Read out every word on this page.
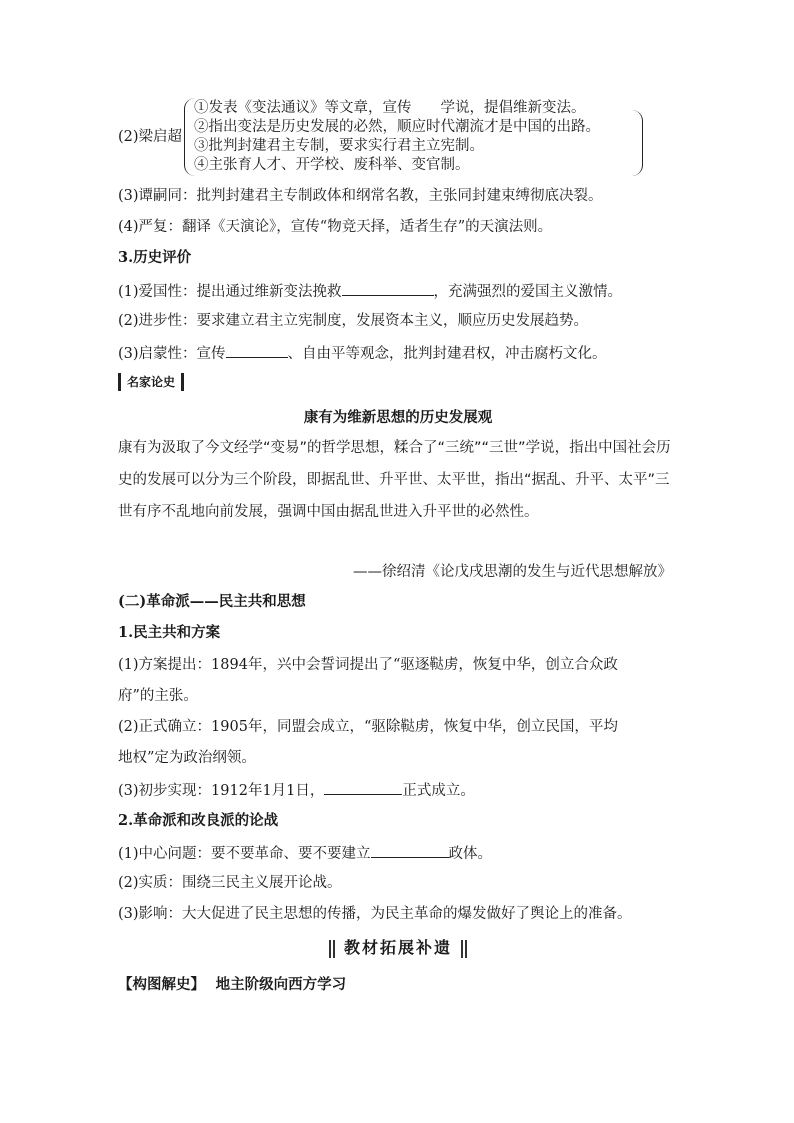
(2)梁启超
①发表《变法通议》等文章，宣传　　学说，提倡维新变法。
②指出变法是历史发展的必然，顺应时代潮流才是中国的出路。
③批判封建君主专制，要求实行君主立宪制。
④主张育人才、开学校、废科举、变官制。
(3)谭嗣同：批判封建君主专制政体和纲常名教，主张同封建束缚彻底决裂。
(4)严复：翻译《天演论》，宣传“物竞天择，适者生存”的天演法则。
3.历史评价
(1)爱国性：提出通过维新变法挽救	，充满强烈的爱国主义激情。
(2)进步性：要求建立君主立宪制度，发展资本主义，顺应历史发展趋势。
(3)启蒙性：宣传	、自由平等观念，批判封建君权，冲击腐朽文化。
名家论史
康有为维新思想的历史发展观
康有为汲取了今文经学“变易”的哲学思想，糅合了“三统”“三世”学说，指出中国社会历史的发展可以分为三个阶段，即据乱世、升平世、太平世，指出“据乱、升平、太平”三世有序不乱地向前发展，强调中国由据乱世进入升平世的必然性。
——徐绍清《论戊戌思潮的发生与近代思想解放》
(二)革命派——民主共和思想
1.民主共和方案
(1)方案提出：1894年，兴中会誓词提出了“驱逐鞑虏，恢复中华，创立合众政
府”的主张。
(2)正式确立：1905年，同盟会成立，“驱除鞑虏，恢复中华，创立民国，平均
地权”定为政治纲领。
(3)初步实现：1912年1月1日，	正式成立。
2.革命派和改良派的论战
(1)中心问题：要不要革命、要不要建立	政体。
(2)实质：围绕三民主义展开论战。
(3)影响：大大促进了民主思想的传播，为民主革命的爆发做好了舆论上的准备。
教材拓展补遗
【构图解史】 地主阶级向西方学习
